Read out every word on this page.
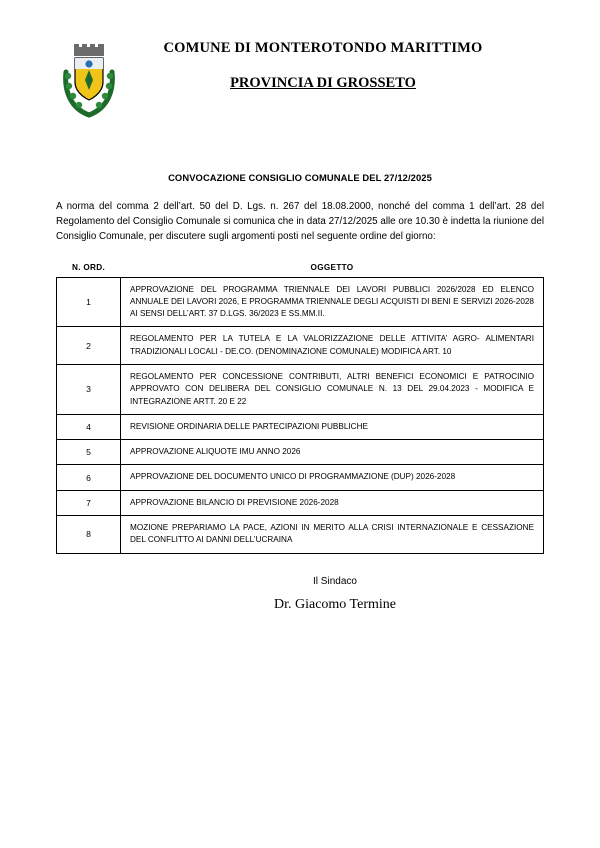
COMUNE DI MONTEROTONDO MARITTIMO
PROVINCIA DI GROSSETO
CONVOCAZIONE CONSIGLIO COMUNALE DEL 27/12/2025
A norma del comma 2 dell’art. 50 del D. Lgs. n. 267 del 18.08.2000, nonché del comma 1 dell’art. 28 del Regolamento del Consiglio Comunale si comunica che in data 27/12/2025 alle ore 10.30 è indetta la riunione del Consiglio Comunale, per discutere sugli argomenti posti nel seguente ordine del giorno:
N. ORD.	OGGETTO
1	APPROVAZIONE DEL PROGRAMMA TRIENNALE DEI LAVORI PUBBLICI 2026/2028 ED ELENCO ANNUALE DEI LAVORI 2026, E PROGRAMMA TRIENNALE DEGLI ACQUISTI DI BENI E SERVIZI 2026-2028 AI SENSI DELL’ART. 37 D.LGS. 36/2023 E SS.MM.II.
2	REGOLAMENTO PER LA TUTELA E LA VALORIZZAZIONE DELLE ATTIVITA’ AGRO- ALIMENTARI TRADIZIONALI LOCALI - DE.CO. (DENOMINAZIONE COMUNALE) MODIFICA ART. 10
3	REGOLAMENTO PER CONCESSIONE CONTRIBUTI, ALTRI BENEFICI ECONOMICI E PATROCINIO APPROVATO CON DELIBERA DEL CONSIGLIO COMUNALE N. 13 DEL 29.04.2023 - MODIFICA E INTEGRAZIONE ARTT. 20 E 22
4	REVISIONE ORDINARIA DELLE PARTECIPAZIONI PUBBLICHE
5	APPROVAZIONE ALIQUOTE IMU ANNO 2026
6	APPROVAZIONE DEL DOCUMENTO UNICO DI PROGRAMMAZIONE (DUP) 2026-2028
7	APPROVAZIONE BILANCIO DI PREVISIONE 2026-2028
8	MOZIONE PREPARIAMO LA PACE, AZIONI IN MERITO ALLA CRISI INTERNAZIONALE E CESSAZIONE DEL CONFLITTO AI DANNI DELL’UCRAINA
Il Sindaco
Dr. Giacomo Termine
